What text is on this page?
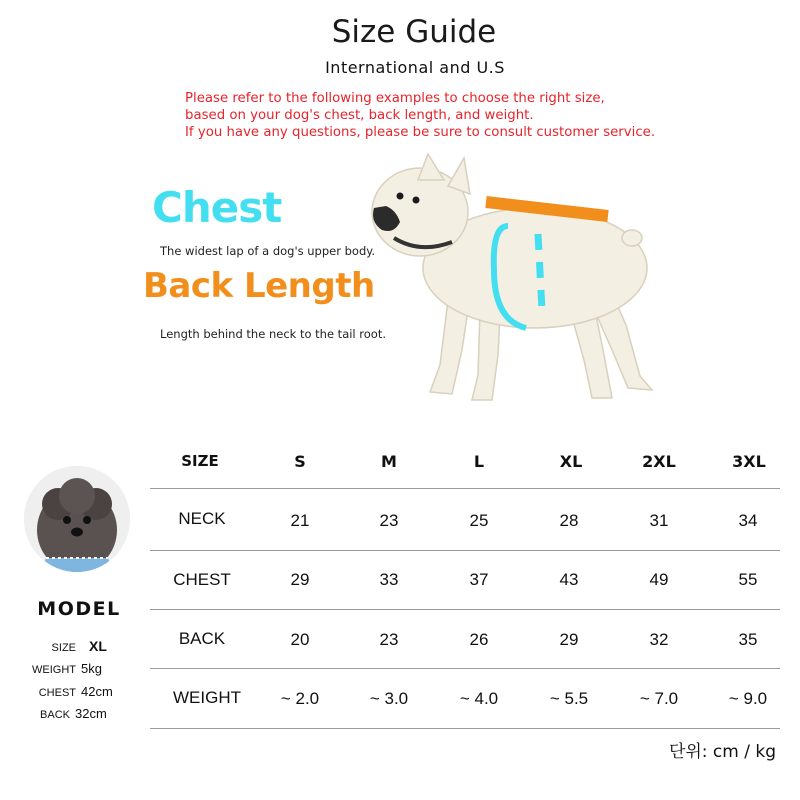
Size Guide
International and U.S
Please refer to the following examples to choose the right size,
based on your dog's chest, back length, and weight.
If you have any questions, please be sure to consult customer service.
Chest
The widest lap of a dog's upper body.
Back Length
Length behind the neck to the tail root.
MODEL
SIZE XL
WEIGHT 5kg
CHEST 42cm
BACK 32cm
SIZE	S	M	L	XL	2XL	3XL
NECK	21	23	25	28	31	34
CHEST	29	33	37	43	49	55
BACK	20	23	26	29	32	35
WEIGHT	~ 2.0	~ 3.0	~ 4.0	~ 5.5	~ 7.0	~ 9.0
단위: cm / kg
